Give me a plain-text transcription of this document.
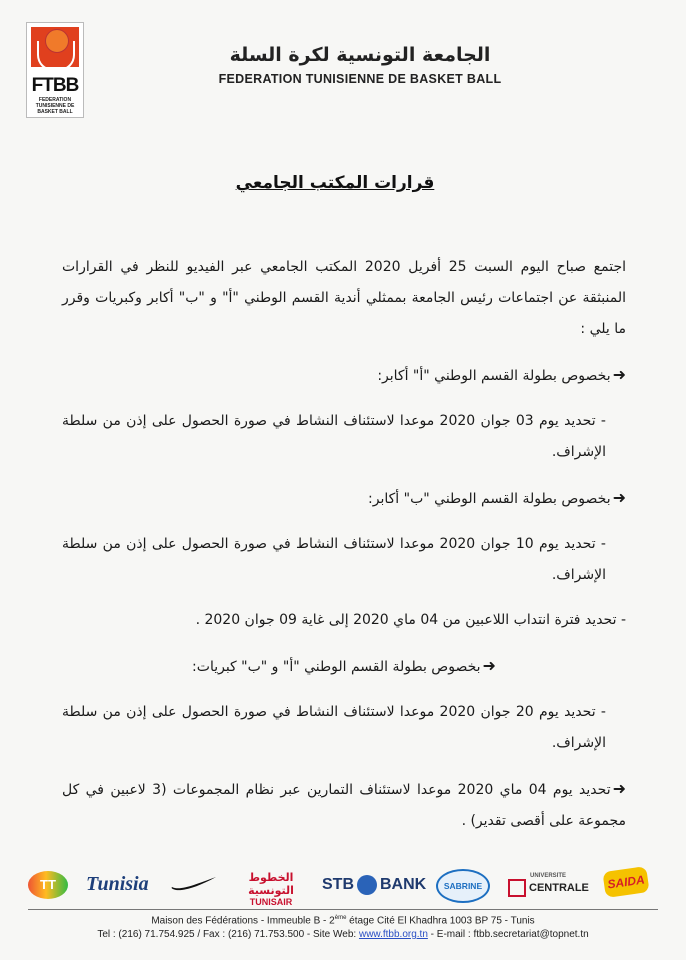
FTBB
FEDERATION TUNISIENNE DE BASKET BALL
الجامعة التونسية لكرة السلة
FEDERATION TUNISIENNE DE BASKET BALL
قرارات المكتب الجامعي

اجتمع صباح اليوم السبت 25 أفريل 2020 المكتب الجامعي عبر الفيديو للنظر في القرارات المنبثقة عن اجتماعات رئيس الجامعة بممثلي أندية القسم الوطني "أ" و "ب" أكابر وكبريات وقرر ما يلي :

➜بخصوص بطولة القسم الوطني "أ" أكابر:

- تحديد يوم 03 جوان 2020 موعدا لاستئناف النشاط في صورة الحصول على إذن من سلطة الإشراف.

➜بخصوص بطولة القسم الوطني "ب" أكابر:

- تحديد يوم 10 جوان 2020 موعدا لاستئناف النشاط في صورة الحصول على إذن من سلطة الإشراف.

- تحديد فترة انتداب اللاعبين من 04 ماي 2020 إلى غاية 09 جوان 2020 .

➜بخصوص بطولة القسم الوطني "أ" و "ب" كبريات:

- تحديد يوم 20 جوان 2020 موعدا لاستئناف النشاط في صورة الحصول على إذن من سلطة الإشراف.

➜تحديد يوم 04 ماي 2020 موعدا لاستئناف التمارين عبر نظام المجموعات (3 لاعبين في كل مجموعة على أقصى تقدير) .

TT	Tunisia	الخطوط التونسية
TUNISAIR
STB BANK	SABRINE
UNIVERSITE
CENTRALE	SAIDA
Maison des Fédérations - Immeuble B - 2ème étage Cité El Khadhra 1003 BP 75 - Tunis
Tel : (216) 71.754.925 / Fax : (216) 71.753.500 - Site Web: www.ftbb.org.tn - E-mail : ftbb.secretariat@topnet.tn
